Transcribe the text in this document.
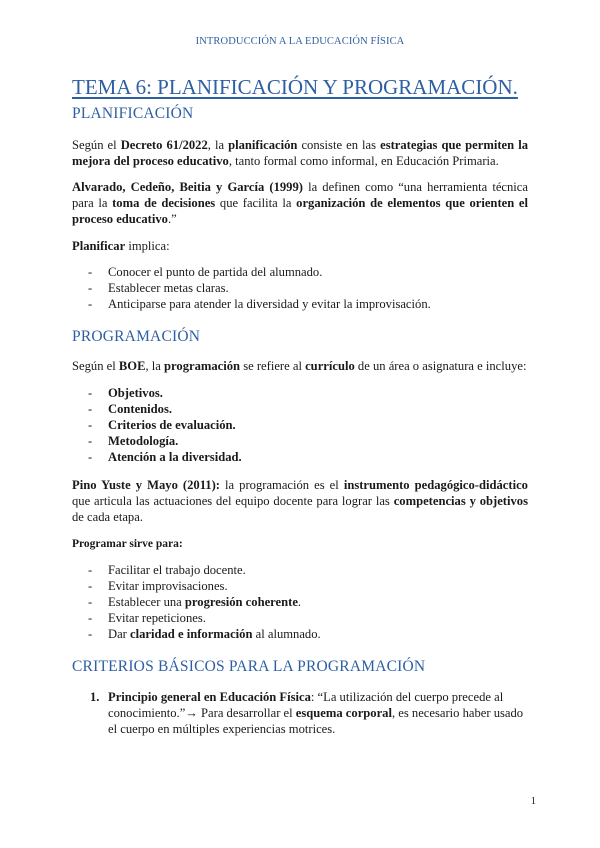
INTRODUCCIÓN A LA EDUCACIÓN FÍSICA
TEMA 6: PLANIFICACIÓN Y PROGRAMACIÓN.
PLANIFICACIÓN

Según el Decreto 61/2022, la planificación consiste en las estrategias que permiten la mejora del proceso educativo, tanto formal como informal, en Educación Primaria.

Alvarado, Cedeño, Beitia y García (1999) la definen como “una herramienta técnica para la toma de decisiones que facilita la organización de elementos que orienten el proceso educativo.”

Planificar implica:

- Conocer el punto de partida del alumnado.
- Establecer metas claras.
- Anticiparse para atender la diversidad y evitar la improvisación.
PROGRAMACIÓN

Según el BOE, la programación se refiere al currículo de un área o asignatura e incluye:

- Objetivos.
- Contenidos.
- Criterios de evaluación.
- Metodología.
- Atención a la diversidad.

Pino Yuste y Mayo (2011): la programación es el instrumento pedagógico-didáctico que articula las actuaciones del equipo docente para lograr las competencias y objetivos de cada etapa.

Programar sirve para:
- Facilitar el trabajo docente.
- Evitar improvisaciones.
- Establecer una progresión coherente.
- Evitar repeticiones.
- Dar claridad e información al alumnado.
CRITERIOS BÁSICOS PARA LA PROGRAMACIÓN
1. Principio general en Educación Física: “La utilización del cuerpo precede al conocimiento.”→ Para desarrollar el esquema corporal, es necesario haber usado el cuerpo en múltiples experiencias motrices.
1
